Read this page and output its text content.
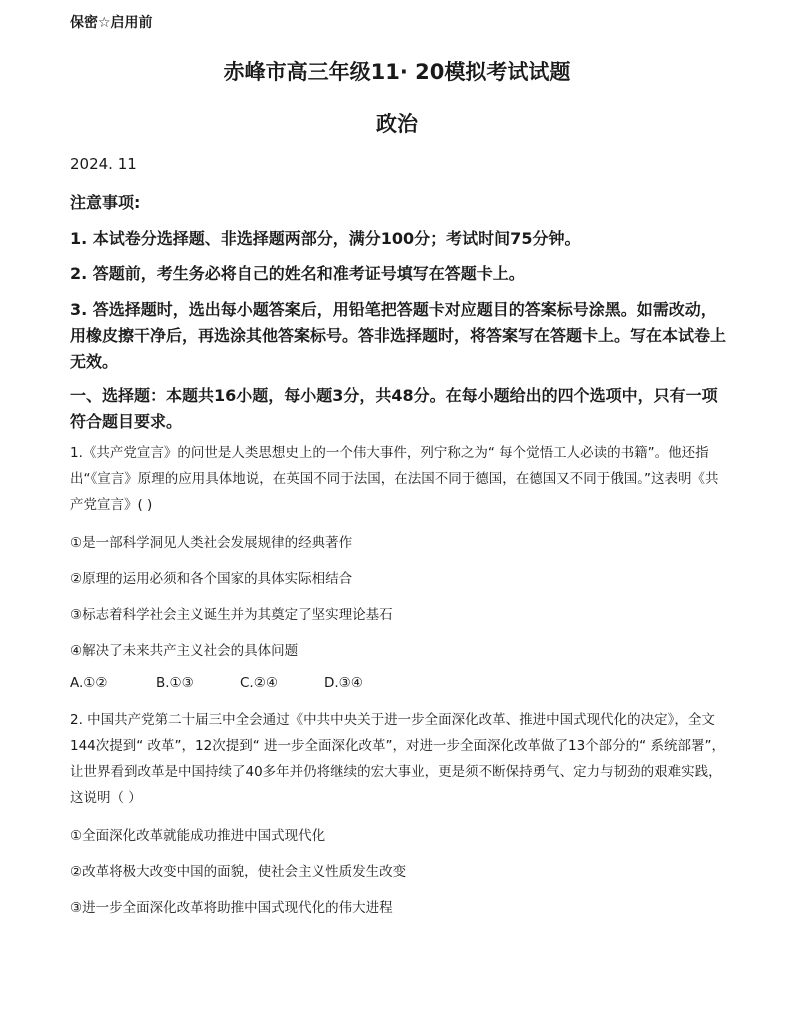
保密☆启用前
赤峰市高三年级11· 20模拟考试试题
政治
2024. 11
注意事项:
1. 本试卷分选择题、非选择题两部分，满分100分；考试时间75分钟。
2. 答题前，考生务必将自己的姓名和准考证号填写在答题卡上。
3. 答选择题时，选出每小题答案后，用铅笔把答题卡对应题目的答案标号涂黑。如需改动，用橡皮擦干净后，再选涂其他答案标号。答非选择题时，将答案写在答题卡上。写在本试卷上无效。
一、选择题：本题共16小题，每小题3分，共48分。在每小题给出的四个选项中，只有一项符合题目要求。
1.《共产党宣言》的问世是人类思想史上的一个伟大事件，列宁称之为“ 每个觉悟工人必读的书籍”。他还指出“《宣言》原理的应用具体地说，在英国不同于法国，在法国不同于德国，在德国又不同于俄国。”这表明《共产党宣言》( )
①是一部科学洞见人类社会发展规律的经典著作
②原理的运用必须和各个国家的具体实际相结合
③标志着科学社会主义诞生并为其奠定了坚实理论基石
④解决了未来共产主义社会的具体问题
A.①②	B.①③	C.②④	D.③④
2. 中国共产党第二十届三中全会通过《中共中央关于进一步全面深化改革、推进中国式现代化的决定》，全文144次提到“ 改革”，12次提到“ 进一步全面深化改革”，对进一步全面深化改革做了13个部分的“ 系统部署”，让世界看到改革是中国持续了40多年并仍将继续的宏大事业，更是须不断保持勇气、定力与韧劲的艰难实践，这说明（ ）
①全面深化改革就能成功推进中国式现代化
②改革将极大改变中国的面貌，使社会主义性质发生改变
③进一步全面深化改革将助推中国式现代化的伟大进程
